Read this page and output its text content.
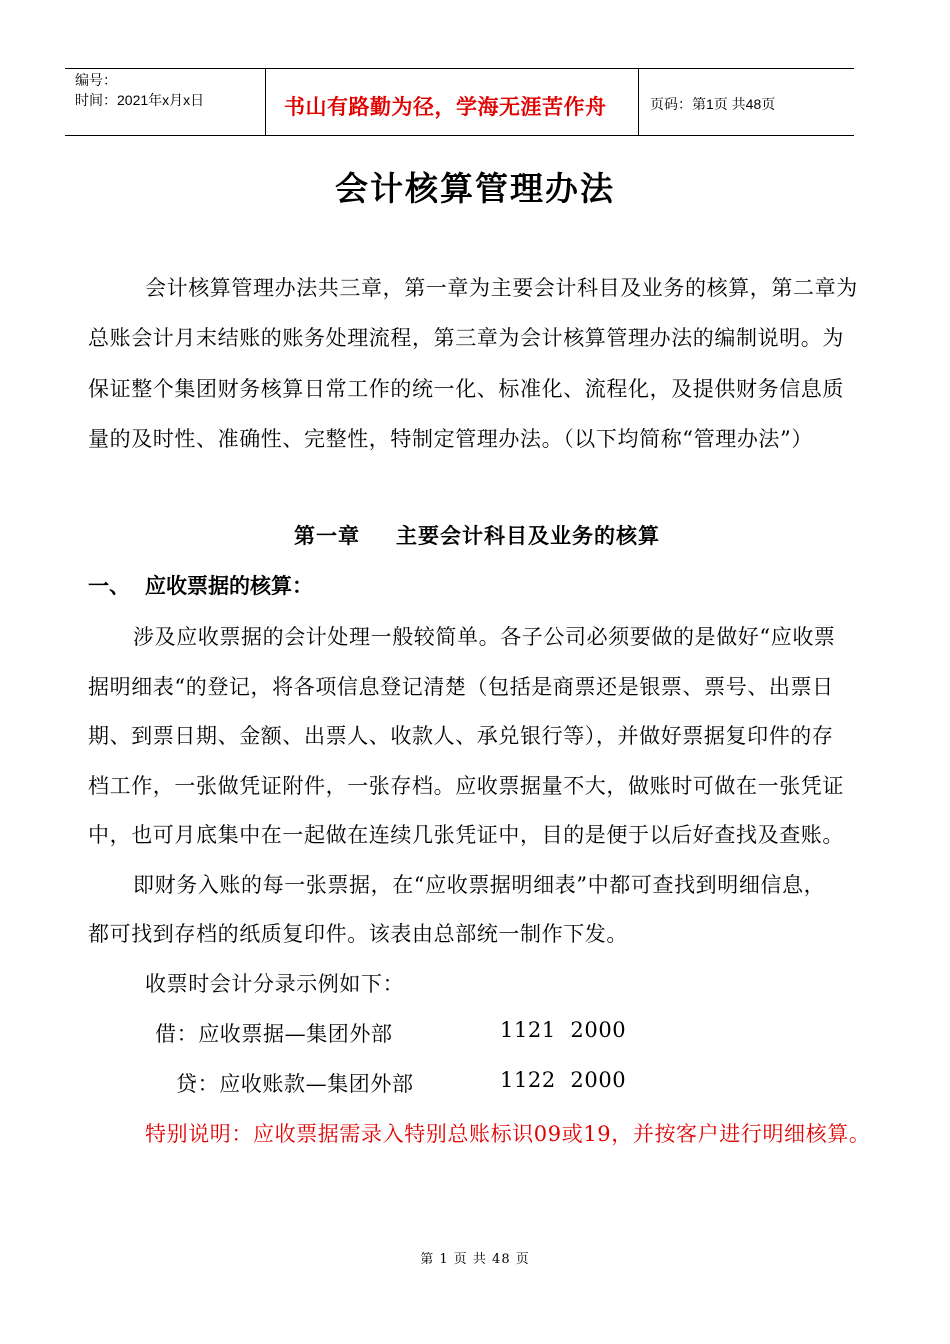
编号：
时间：2021年x月x日	书山有路勤为径，学海无涯苦作舟	页码：第1页 共48页
会计核算管理办法
会计核算管理办法共三章，第一章为主要会计科目及业务的核算，第二章为
总账会计月末结账的账务处理流程，第三章为会计核算管理办法的编制说明。为
保证整个集团财务核算日常工作的统一化、标准化、流程化，及提供财务信息质
量的及时性、准确性、完整性，特制定管理办法。（以下均简称“管理办法”）
第一章 主要会计科目及业务的核算
一、 应收票据的核算：
涉及应收票据的会计处理一般较简单。各子公司必须要做的是做好“应收票
据明细表“的登记，将各项信息登记清楚（包括是商票还是银票、票号、出票日
期、到票日期、金额、出票人、收款人、承兑银行等），并做好票据复印件的存
档工作，一张做凭证附件，一张存档。应收票据量不大，做账时可做在一张凭证
中，也可月底集中在一起做在连续几张凭证中，目的是便于以后好查找及查账。
即财务入账的每一张票据，在“应收票据明细表”中都可查找到明细信息，
都可找到存档的纸质复印件。该表由总部统一制作下发。
收票时会计分录示例如下：
借：应收票据—集团外部	1121  2000
贷：应收账款—集团外部	1122  2000
特别说明：应收票据需录入特别总账标识09或19，并按客户进行明细核算。
第 1 页 共 48 页
